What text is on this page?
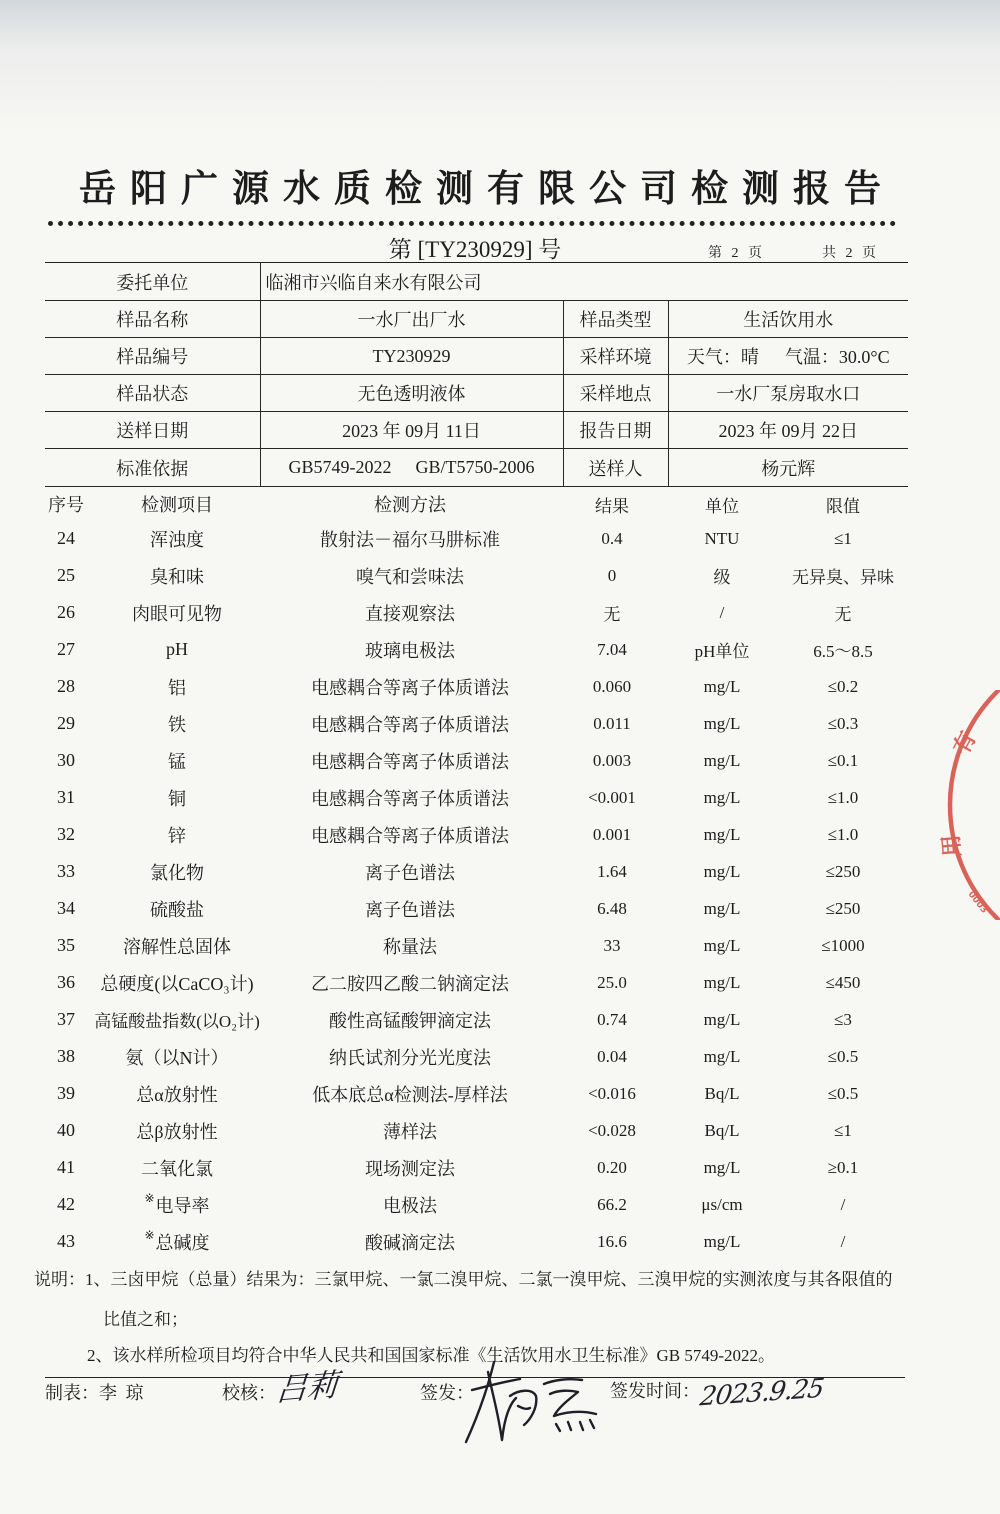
岳阳广源水质检测有限公司检测报告
第 [TY230929] 号	第 2 页	共 2 页
委托单位	临湘市兴临自来水有限公司		
样品名称	一水厂出厂水	样品类型	生活饮用水
样品编号	TY230929	采样环境	天气：晴 气温：30.0°C
样品状态	无色透明液体	采样地点	一水厂泵房取水口
送样日期	2023 年 09月 11日	报告日期	2023 年 09月 22日
标准依据	GB5749-2022 GB/T5750-2006	送样人	杨元辉
序号	检测项目	检测方法	结果	单位	限值
24	浑浊度	散射法－福尔马肼标准	0.4	NTU	≤1
25	臭和味	嗅气和尝味法	0	级	无异臭、异味
26	肉眼可见物	直接观察法	无	/	无
27	pH	玻璃电极法	7.04	pH单位	6.5～8.5
28	铝	电感耦合等离子体质谱法	0.060	mg/L	≤0.2
29	铁	电感耦合等离子体质谱法	0.011	mg/L	≤0.3
30	锰	电感耦合等离子体质谱法	0.003	mg/L	≤0.1
31	铜	电感耦合等离子体质谱法	<0.001	mg/L	≤1.0
32	锌	电感耦合等离子体质谱法	0.001	mg/L	≤1.0
33	氯化物	离子色谱法	1.64	mg/L	≤250
34	硫酸盐	离子色谱法	6.48	mg/L	≤250
35	溶解性总固体	称量法	33	mg/L	≤1000
36	总硬度(以CaCO₃计)	乙二胺四乙酸二钠滴定法	25.0	mg/L	≤450
37	高锰酸盐指数(以O₂计)	酸性高锰酸钾滴定法	0.74	mg/L	≤3
38	氨（以N计）	纳氏试剂分光光度法	0.04	mg/L	≤0.5
39	总α放射性	低本底总α检测法-厚样法	<0.016	Bq/L	≤0.5
40	总β放射性	薄样法	<0.028	Bq/L	≤1
41	二氧化氯	现场测定法	0.20	mg/L	≥0.1
42	※ 电导率	电极法	66.2	μs/cm	/
43	※ 总碱度	酸碱滴定法	16.6	mg/L	/
说明：1、三卤甲烷（总量）结果为：三氯甲烷、一氯二溴甲烷、二氯一溴甲烷、三溴甲烷的实测浓度与其各限值的
比值之和；
2、该水样所检项目均符合中华人民共和国国家标准《生活饮用水卫生标准》GB 5749-2022。
制表： 李 琼	校核：
吕莉	签发：	签发时间：
2023.9.25
有
用
0003
